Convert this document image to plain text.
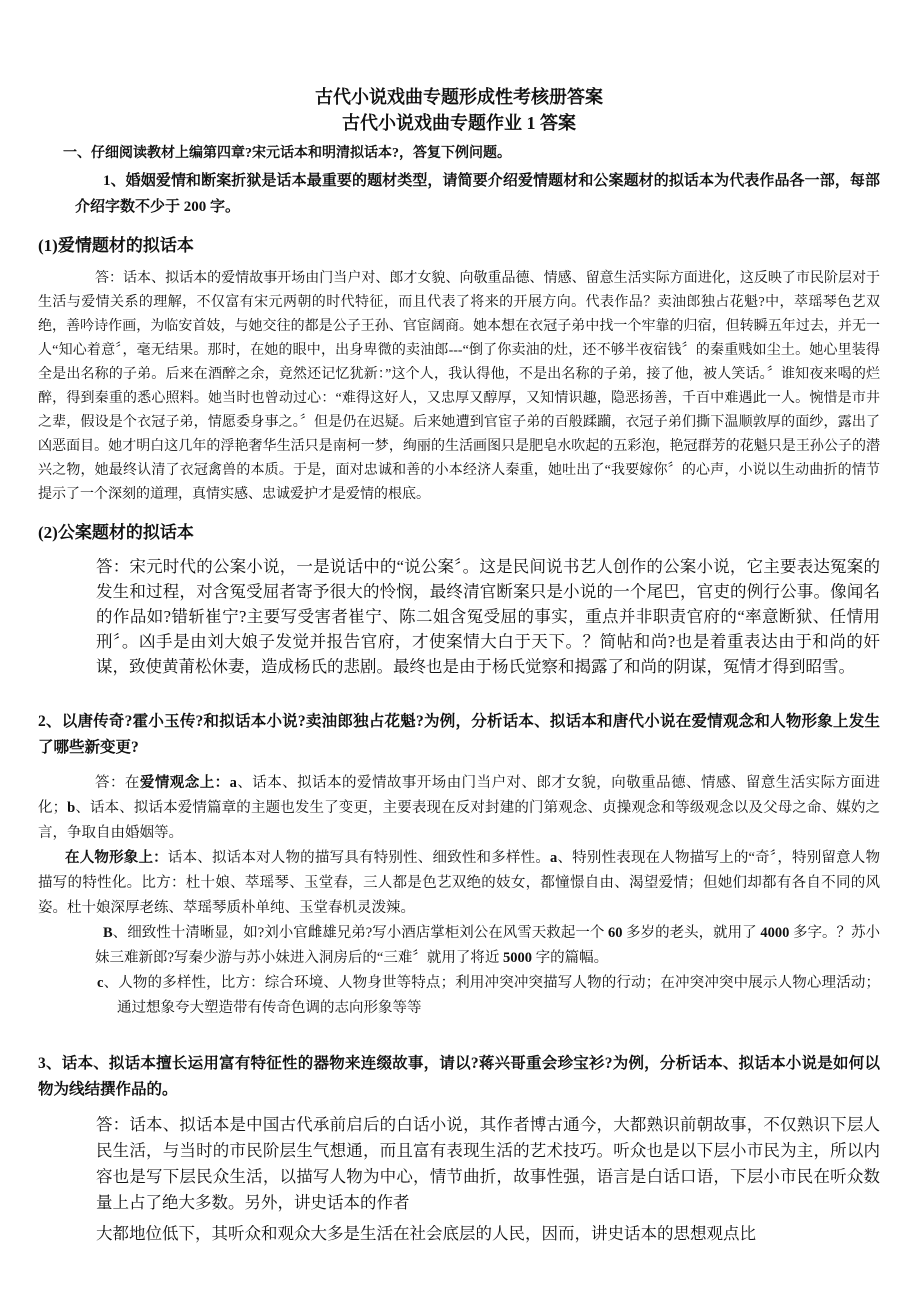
古代小说戏曲专题形成性考核册答案
古代小说戏曲专题作业 1 答案
一、仔细阅读教材上编第四章?宋元话本和明清拟话本?，答复下例问题。

1、婚姻爱情和断案折狱是话本最重要的题材类型，请简要介绍爱情题材和公案题材的拟话本为代表作品各一部，每部介绍字数不少于 200 字。

(1)爱情题材的拟话本

答：话本、拟话本的爱情故事开场由门当户对、郎才女貌、向敬重品德、情感、留意生活实际方面进化，这反映了市民阶层对于生活与爱情关系的理解，不仅富有宋元两朝的时代特征，而且代表了将来的开展方向。代表作品？卖油郎独占花魁?中，萃瑶琴色艺双绝，善吟诗作画，为临安首妓，与她交往的都是公子王孙、官宦阔商。她本想在衣冠子弟中找一个牢靠的归宿，但转瞬五年过去，并无一人“知心着意〞，毫无结果。那时，在她的眼中，出身卑微的卖油郎---“倒了你卖油的灶，还不够半夜宿钱〞的秦重贱如尘土。她心里装得全是出名称的子弟。后来在酒醉之余，竟然还记忆犹新：”这个人，我认得他，不是出名称的子弟，接了他，被人笑话。〞谁知夜来喝的烂醉，得到秦重的悉心照料。她当时也曾动过心：“难得这好人，又忠厚又醇厚，又知情识趣，隐恶扬善，千百中难遇此一人。惋惜是市井之辈，假设是个衣冠子弟，情愿委身事之。〞但是仍在迟疑。后来她遭到官宦子弟的百般蹂躏，衣冠子弟们撕下温顺敦厚的面纱，露出了凶恶面目。她才明白这几年的浮艳奢华生活只是南柯一梦，绚丽的生活画图只是肥皂水吹起的五彩泡，艳冠群芳的花魁只是王孙公子的潜兴之物，她最终认清了衣冠禽兽的本质。于是，面对忠诚和善的小本经济人秦重，她吐出了“我要嫁你〞的心声，小说以生动曲折的情节提示了一个深刻的道理，真情实感、忠诚爱护才是爱情的根底。

(2)公案题材的拟话本

答：宋元时代的公案小说，一是说话中的“说公案〞。这是民间说书艺人创作的公案小说，它主要表达冤案的发生和过程，对含冤受屈者寄予很大的怜悯，最终清官断案只是小说的一个尾巴，官吏的例行公事。像闻名的作品如?错斩崔宁?主要写受害者崔宁、陈二姐含冤受屈的事实，重点并非职责官府的“率意断狱、任情用刑〞。凶手是由刘大娘子发觉并报告官府，才使案情大白于天下。？简帖和尚?也是着重表达由于和尚的奸谋，致使黄莆松休妻，造成杨氏的悲剧。最终也是由于杨氏觉察和揭露了和尚的阴谋，冤情才得到昭雪。

2、以唐传奇?霍小玉传?和拟话本小说?卖油郎独占花魁?为例，分析话本、拟话本和唐代小说在爱情观念和人物形象上发生了哪些新变更?

答：在爱情观念上：a、话本、拟话本的爱情故事开场由门当户对、郎才女貌，向敬重品德、情感、留意生活实际方面进化；b、话本、拟话本爱情篇章的主题也发生了变更，主要表现在反对封建的门第观念、贞操观念和等级观念以及父母之命、媒妁之言，争取自由婚姻等。

在人物形象上：话本、拟话本对人物的描写具有特别性、细致性和多样性。a、特别性表现在人物描写上的“奇〞，特别留意人物描写的特性化。比方：杜十娘、萃瑶琴、玉堂春，三人都是色艺双绝的妓女，都憧憬自由、渴望爱情；但她们却都有各自不同的风姿。杜十娘深厚老练、萃瑶琴质朴单纯、玉堂春机灵泼辣。

B、细致性十清晰显，如?刘小官雌雄兄弟?写小酒店掌柜刘公在风雪天救起一个 60 多岁的老头，就用了 4000 多字。？苏小妹三难新郎?写秦少游与苏小妹进入洞房后的“三难〞就用了将近 5000 字的篇幅。

c、人物的多样性，比方：综合环境、人物身世等特点；利用冲突冲突描写人物的行动；在冲突冲突中展示人物心理活动；通过想象夸大塑造带有传奇色调的志向形象等等

3、话本、拟话本擅长运用富有特征性的器物来连缀故事，请以?蒋兴哥重会珍宝衫?为例，分析话本、拟话本小说是如何以物为线结撰作品的。

答：话本、拟话本是中国古代承前启后的白话小说，其作者博古通今，大都熟识前朝故事，不仅熟识下层人民生活，与当时的市民阶层生气想通，而且富有表现生活的艺术技巧。听众也是以下层小市民为主，所以内容也是写下层民众生活，以描写人物为中心，情节曲折，故事性强，语言是白话口语，下层小市民在听众数量上占了绝大多数。另外，讲史话本的作者

大都地位低下，其听众和观众大多是生活在社会底层的人民，因而，讲史话本的思想观点比
